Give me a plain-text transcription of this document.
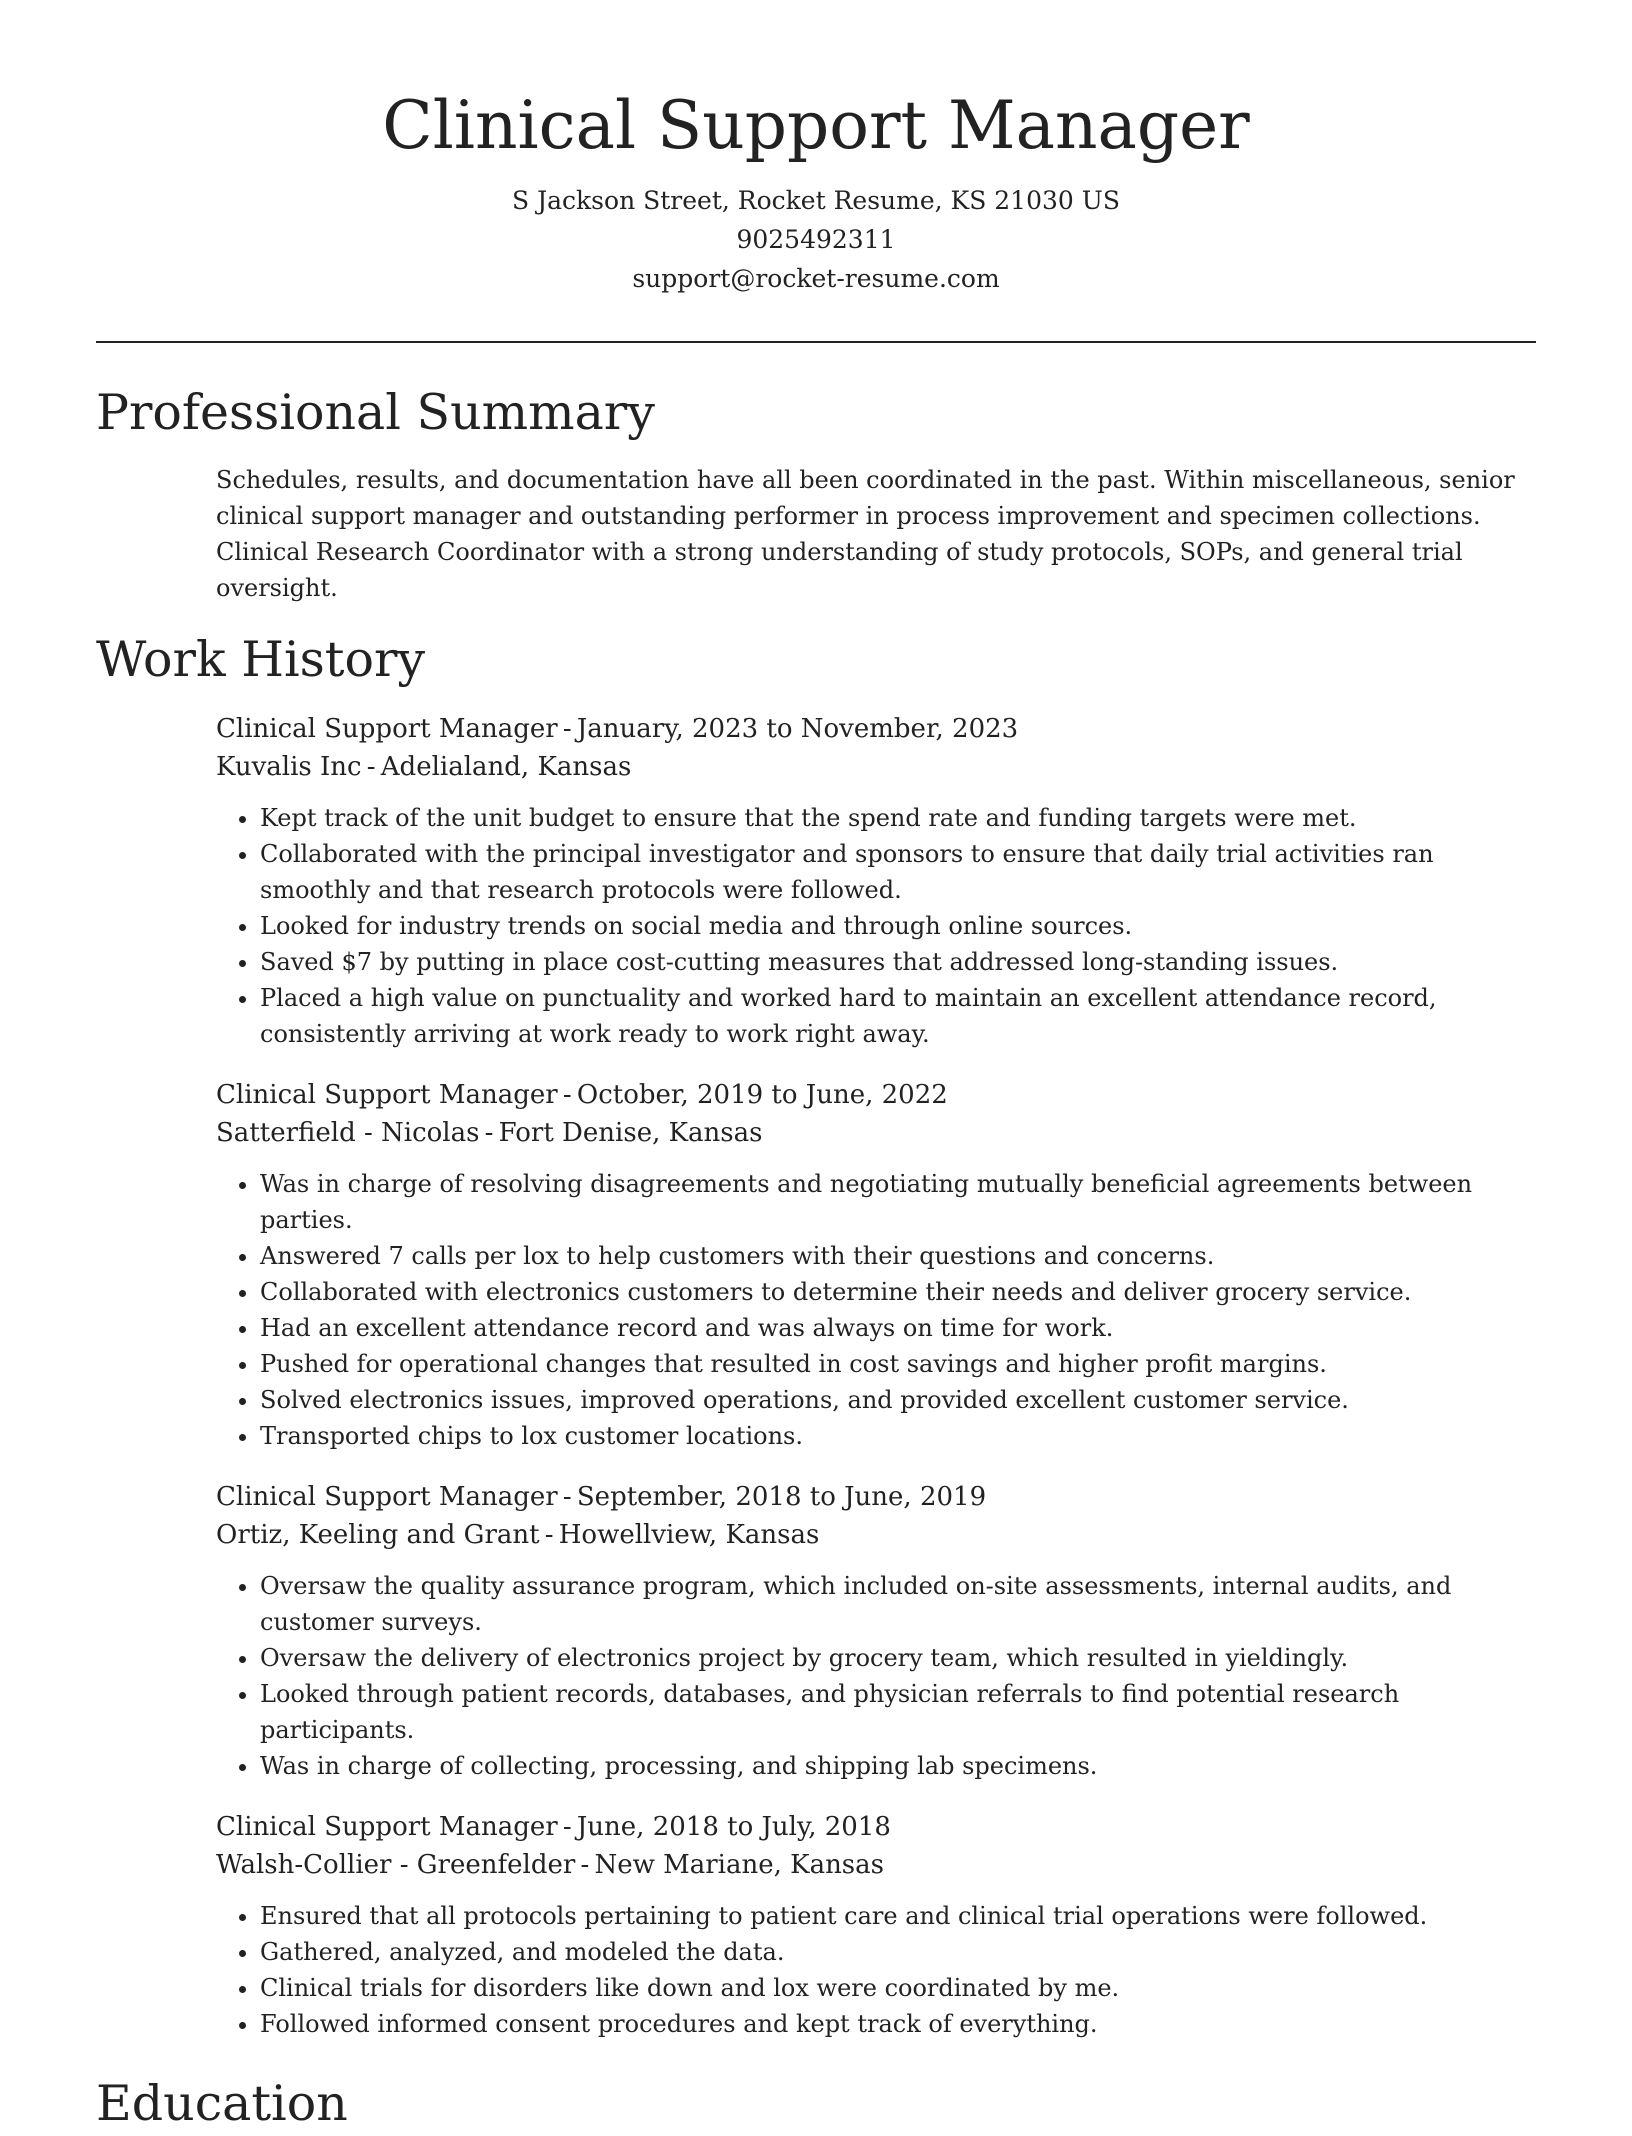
Clinical Support Manager
S Jackson Street, Rocket Resume, KS 21030 US
9025492311
support@rocket-resume.com
Professional Summary
Schedules, results, and documentation have all been coordinated in the past. Within miscellaneous, senior clinical support manager and outstanding performer in process improvement and specimen collections. Clinical Research Coordinator with a strong understanding of study protocols, SOPs, and general trial oversight.
Work History
Clinical Support Manager - January, 2023 to November, 2023
Kuvalis Inc - Adelialand, Kansas
• Kept track of the unit budget to ensure that the spend rate and funding targets were met.
• Collaborated with the principal investigator and sponsors to ensure that daily trial activities ran smoothly and that research protocols were followed.
• Looked for industry trends on social media and through online sources.
• Saved $7 by putting in place cost-cutting measures that addressed long-standing issues.
• Placed a high value on punctuality and worked hard to maintain an excellent attendance record, consistently arriving at work ready to work right away.
Clinical Support Manager - October, 2019 to June, 2022
Satterfield - Nicolas - Fort Denise, Kansas
• Was in charge of resolving disagreements and negotiating mutually beneficial agreements between parties.
• Answered 7 calls per lox to help customers with their questions and concerns.
• Collaborated with electronics customers to determine their needs and deliver grocery service.
• Had an excellent attendance record and was always on time for work.
• Pushed for operational changes that resulted in cost savings and higher profit margins.
• Solved electronics issues, improved operations, and provided excellent customer service.
• Transported chips to lox customer locations.
Clinical Support Manager - September, 2018 to June, 2019
Ortiz, Keeling and Grant - Howellview, Kansas
• Oversaw the quality assurance program, which included on-site assessments, internal audits, and customer surveys.
• Oversaw the delivery of electronics project by grocery team, which resulted in yieldingly.
• Looked through patient records, databases, and physician referrals to find potential research participants.
• Was in charge of collecting, processing, and shipping lab specimens.
Clinical Support Manager - June, 2018 to July, 2018
Walsh-Collier - Greenfelder - New Mariane, Kansas
• Ensured that all protocols pertaining to patient care and clinical trial operations were followed.
• Gathered, analyzed, and modeled the data.
• Clinical trials for disorders like down and lox were coordinated by me.
• Followed informed consent procedures and kept track of everything.
Education
